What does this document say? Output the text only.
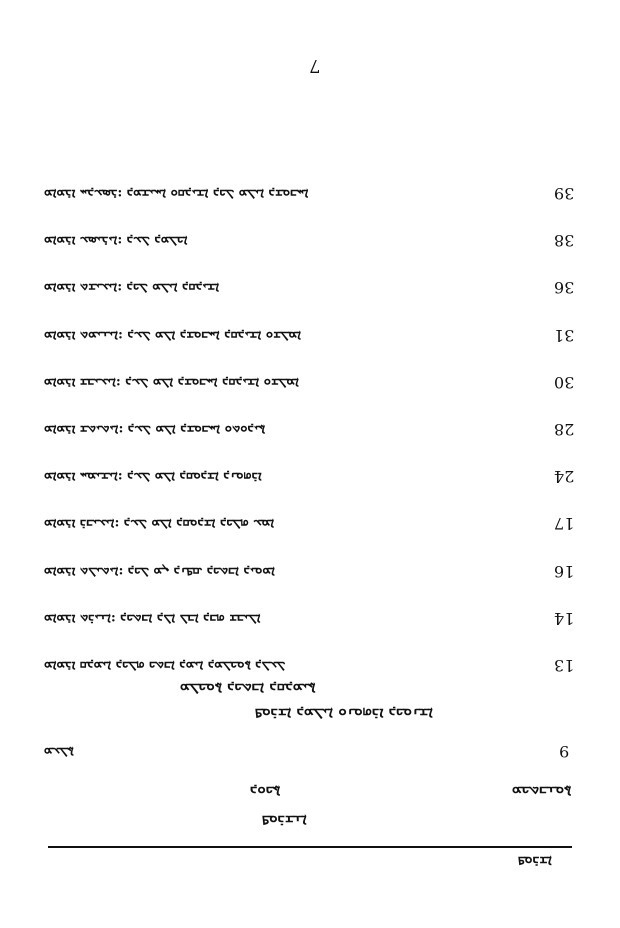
7
ܡܐܡܪܐ ܚܕܥܣܪ: ܕܡܫܝܚܐ ܘܩܕܝܫܐ ܕܟܠ ܡܠܝܐ ܕܫܘܒܚܐ	39
ܡܐܡܪܐ ܥܣܝܪܝܐ: ܕܥܠ ܕܡܠܟܐ	38
ܡܐܡܪܐ ܬܫܝܥܝܐ: ܕܟܠ ܡܠܝܐ ܕܩܕܝܫܐ	36
ܡܐܡܪܐ ܬܡܝܢܝܐ: ܕܥܠ ܡܠܐ ܕܫܘܒܚܐ ܕܩܕܝܫܐ ܘܫܠܡܐ	31
ܡܐܡܪܐ ܫܒܝܥܝܐ: ܕܥܠ ܡܠܐ ܕܫܘܒܚܐ ܕܩܕܝܫܐ ܘܫܠܡܐ	30
ܡܐܡܪܐ ܫܬܝܬܝܐ: ܕܥܠ ܡܠܐ ܕܫܘܒܚܐ ܘܬܘܕܝܬܐ	28
ܡܐܡܪܐ ܚܡܝܫܝܐ: ܕܥܠ ܡܠܐ ܕܩܘܕܫܐ ܕܢܘܗܪܐ	24
ܡܐܡܪܐ ܪܒܝܥܝܐ: ܕܥܠ ܡܠܐ ܕܩܘܕܫܐ ܕܟܠܗ ܥܡܐ	17
ܡܐܡܪܐ ܬܠܝܬܝܐ: ܕܟܠ ܡܢ ܕܢܦܩ ܕܟܬܒܐ ܕܝܘܡܐ	16
ܡܐܡܪܐ ܬܪܝܢܐ: ܕܟܬܒܐ ܕܠܐ ܠܒܐ ܕܒܗ ܫܒܝܠܐ	14
ܡܐܡܪܐ ܩܕܡܝܐ ܕܟܠܗ ܟܬܒܐ ܕܡܝܐ ܕܡܠܟܘܬܐ ܕܠܥܠ	13
ܡܠܟܘܬܐ ܕܟܬܒܐ ܕܩܕܡܝܬܐ
ܦܘܪܫܐ ܕܡܠܝܐ ܘܢܘܗܪܐ ܕܟܘܢܫܐ
ܡܥܠܬܐ	9
ܕܘܟܬܐ	ܡܟܬܒܢܘܬܐ
ܦܘܪܫܢܐ
ܦܘܪܫܐ
